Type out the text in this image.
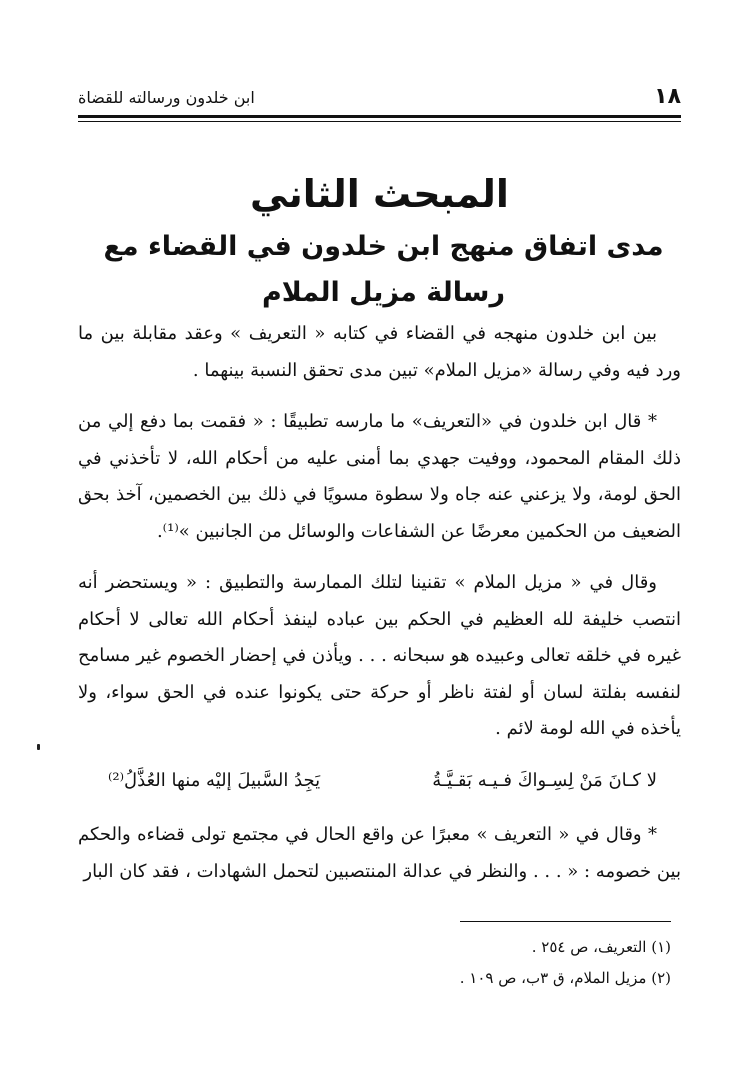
١٨
ابن خلدون ورسالته للقضاة
المبحث الثاني
مدى اتفاق منهج ابن خلدون في القضاء مع رسالة مزيل الملام

بين ابن خلدون منهجه في القضاء في كتابه « التعريف » وعقد مقابلة بين ما ورد فيه وفي رسالة «مزيل الملام» تبين مدى تحقق النسبة بينهما .

* قال ابن خلدون في «التعريف» ما مارسه تطبيقًا : « فقمت بما دفع إلي من ذلك المقام المحمود، ووفيت جهدي بما أمنى عليه من أحكام الله، لا تأخذني في الحق لومة، ولا يزعني عنه جاه ولا سطوة مسويًا في ذلك بين الخصمين، آخذ بحق الضعيف من الحكمين معرضًا عن الشفاعات والوسائل من الجانبين »⁽¹⁾.

وقال في « مزيل الملام » تقنينا لتلك الممارسة والتطبيق : « ويستحضر أنه انتصب خليفة لله العظيم في الحكم بين عباده لينفذ أحكام الله تعالى لا أحكام غيره في خلقه تعالى وعبيده هو سبحانه . . . ويأذن في إحضار الخصوم غير مسامح لنفسه بفلتة لسان أو لفتة ناظر أو حركة حتى يكونوا عنده في الحق سواء، ولا يأخذه في الله لومة لائم .

لا كـانَ مَنْ لِسِـواكَ فـيـه بَقـيَّـةُ
يَجِدُ السَّبيلَ إليْه منها العُذَّلُ⁽²⁾

* وقال في « التعريف » معبرًا عن واقع الحال في مجتمع تولى قضاءه والحكم بين خصومه : « . . . والنظر في عدالة المنتصبين لتحمل الشهادات ، فقد كان البار

(١) التعريف، ص ٢٥٤ .
(٢) مزيل الملام، ق ٣ب، ص ١٠٩ .
